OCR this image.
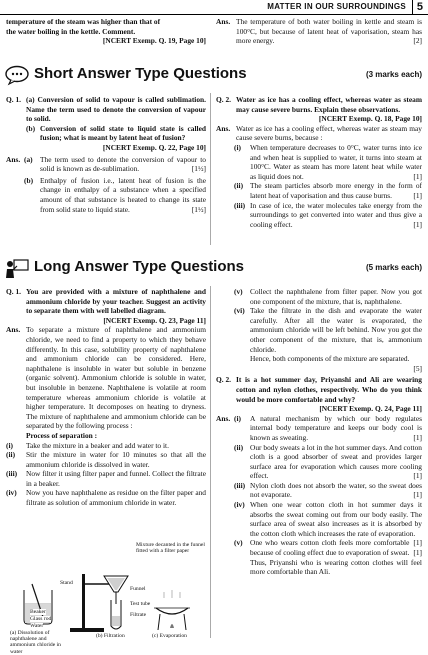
MATTER IN OUR SURROUNDINGS 5
temperature of the steam was higher than that of
the water boiling in the kettle. Comment.
[NCERT Exemp. Q. 19, Page 10]
Ans. The temperature of both water boiling in kettle and steam is 100°C, but because of latent heat of vaporisation, steam has more energy.	[2]
Short Answer Type Questions	(3 marks each)
Q. 1. (a) Conversion of solid to vapour is called sublimation. Name the term used to denote the conversion of vapour to solid.
(b) Conversion of solid state to liquid state is called fusion; what is meant by latent heat of fusion?
[NCERT Exemp. Q. 22, Page 10]
Ans. (a) The term used to denote the conversion of vapour to solid is known as de-sublimation.	[1½]
(b) Enthalpy of fusion i.e., latent heat of fusion is the change in enthalpy of a substance when a specified amount of that substance is heated to change its state from solid state to liquid state.	[1½]
Q. 2. Water as ice has a cooling effect, whereas water as steam may cause severe burns. Explain these observations.
[NCERT Exemp. Q. 18, Page 10]
Ans. Water as ice has a cooling effect, whereas water as steam may cause severe burns, because :
(i) When temperature decreases to 0°C, water turns into ice and when heat is supplied to water, it turns into steam at 100°C. Water as steam has more latent heat while water as liquid does not.	[1]
(ii) The steam particles absorb more energy in the form of latent heat of vaporisation and thus cause burns.	[1]
(iii) In case of ice, the water molecules take energy from the surroundings to get converted into water and thus give a cooling effect.	[1]
Long Answer Type Questions	(5 marks each)
Q. 1. You are provided with a mixture of naphthalene and ammonium chloride by your teacher. Suggest an activity to separate them with well labelled diagram.
[NCERT Exemp. Q. 23, Page 11]
Ans. To separate a mixture of naphthalene and ammonium chloride, we need to find a property to which they behave differently. In this case, solubility property of naphthalene and ammonium chloride can be considered. Here, naphthalene is insoluble in water but soluble in benzene (organic solvent). Ammonium chloride is soluble in water, but insoluble in benzene. Naphthalene is volatile at room temperature whereas ammonium chloride is volatile at higher temperature. It decomposes on heating to dryness. The mixture of naphthalene and ammonium chloride can be separated by the following process :
Process of separation :
(i) Take the mixture in a beaker and add water to it.
(ii) Stir the mixture in water for 10 minutes so that all the ammonium chloride is dissolved in water.
(iii) Now filter it using filter paper and funnel. Collect the filtrate in a beaker.
(iv) Now you have naphthalene as residue on the filter paper and filtrate as solution of ammonium chloride in water.
Stand
Mixture decanted in the funnel fitted with a filter paper
Funnel
Test tube
Filtrate
Beaker
Glass rod
Water
(a) Dissolution of naphthalene and ammonium chloride in water
(b) Filtration	(c) Evaporation
(v) Collect the naphthalene from filter paper. Now you got one component of the mixture, that is, naphthalene.
(vi) Take the filtrate in the dish and evaporate the water carefully. After all the water is evaporated, the ammonium chloride will be left behind. Now you got the other component of the mixture, that is, ammonium chloride.
Hence, both components of the mixture are separated.
[5]
Q. 2. It is a hot summer day, Priyanshi and Ali are wearing cotton and nylon clothes, respectively. Who do you think would be more comfortable and why?
[NCERT Exemp. Q. 24, Page 11]
Ans. (i) A natural mechanism by which our body regulates internal body temperature and keeps our body cool is known as sweating.	[1]
(ii) Our body sweats a lot in the hot summer days. And cotton cloth is a good absorber of sweat and provides larger surface area for evaporation which causes more cooling effect.	[1]
(iii) Nylon cloth does not absorb the water, so the sweat does not evaporate.	[1]
(iv) When one wear cotton cloth in hot summer days it absorbs the sweat coming out from our body easily. The surface area of sweat also increases as it is absorbed by the cotton cloth which increases the rate of evaporation.
[1]
(v) One who wears cotton cloth feels more comfortable because of cooling effect due to evaporation of sweat. [1]
Thus, Priyanshi who is wearing cotton clothes will feel more comfortable than Ali.
